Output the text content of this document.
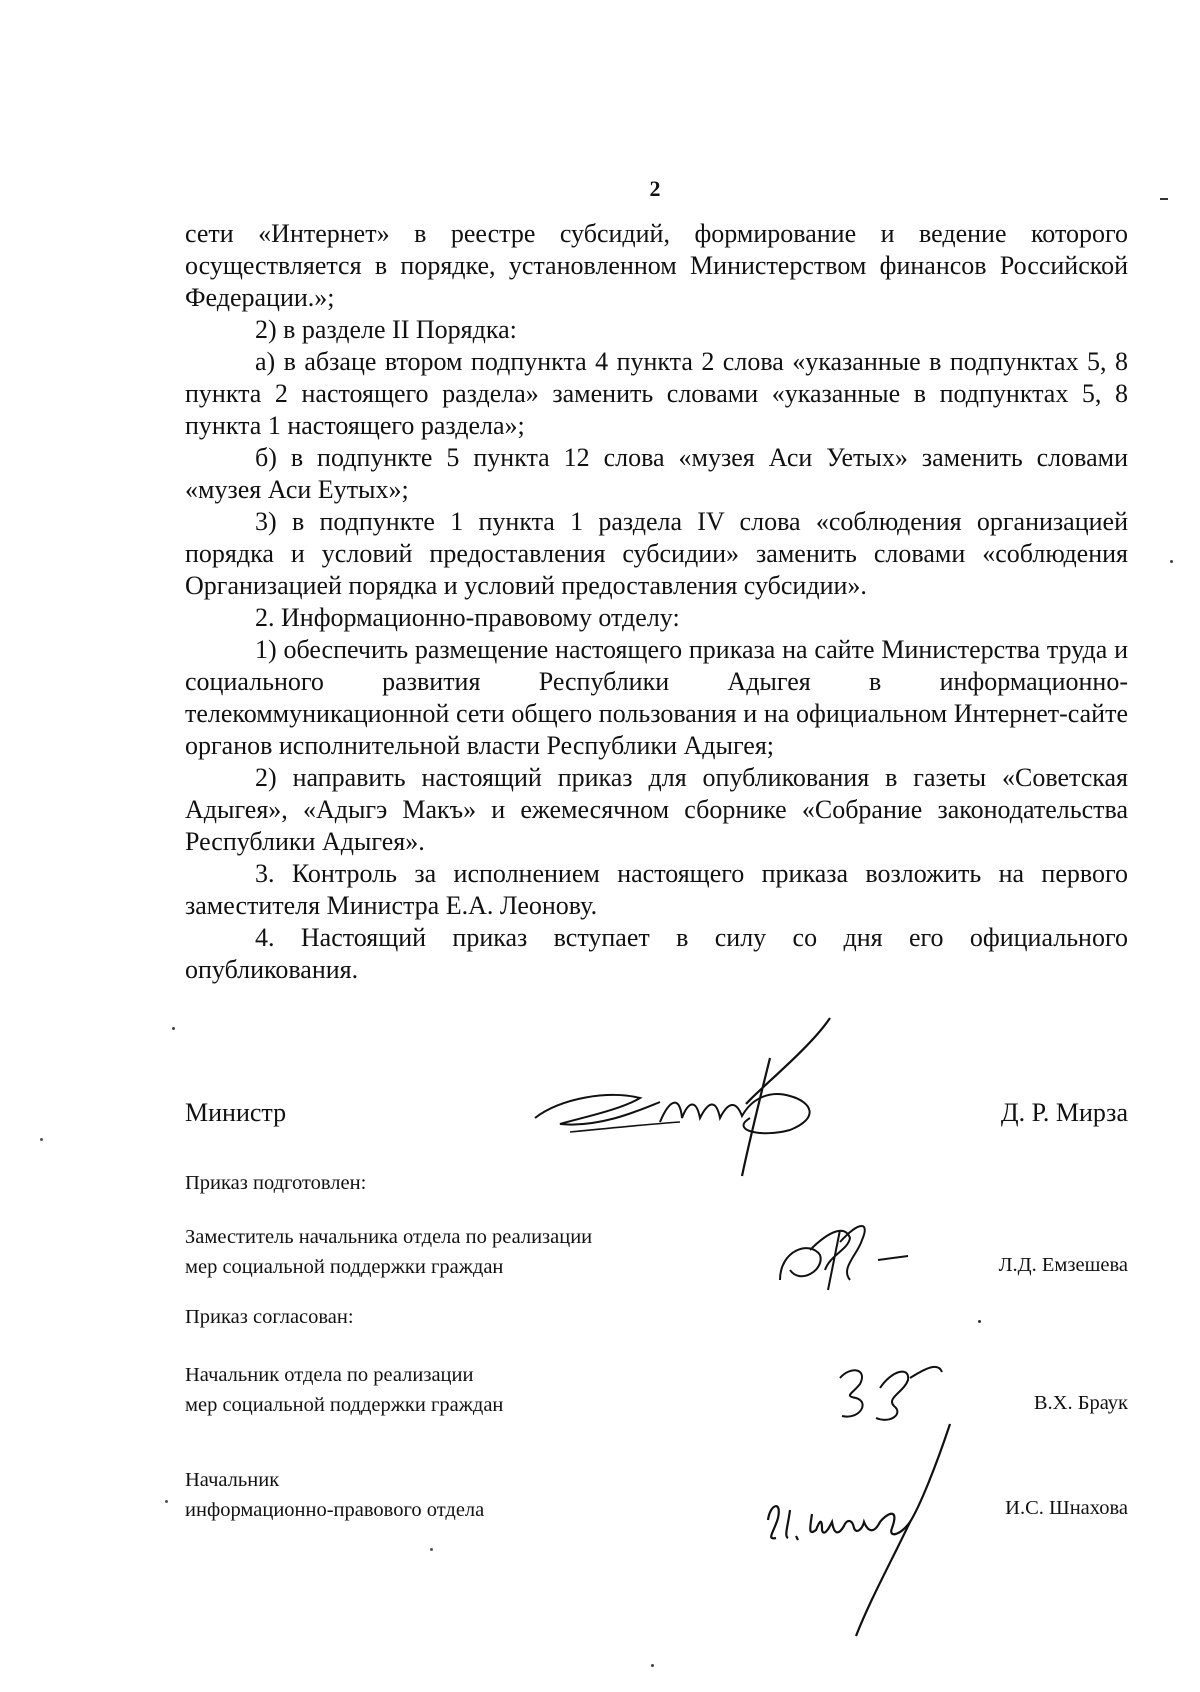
2

сети «Интернет» в реестре субсидий, формирование и ведение которого осуществляется в порядке, установленном Министерством финансов Российской Федерации.»;

2) в разделе II Порядка:

а) в абзаце втором подпункта 4 пункта 2 слова «указанные в подпунктах 5, 8 пункта 2 настоящего раздела» заменить словами «указанные в подпунктах 5, 8 пункта 1 настоящего раздела»;

б) в подпункте 5 пункта 12 слова «музея Аси Уетых» заменить словами «музея Аси Еутых»;

3) в подпункте 1 пункта 1 раздела IV слова «соблюдения организацией порядка и условий предоставления субсидии» заменить словами «соблюдения Организацией порядка и условий предоставления субсидии».

2. Информационно-правовому отделу:

1) обеспечить размещение настоящего приказа на сайте Министерства труда и социального развития Республики Адыгея в информационно-телекоммуникационной сети общего пользования и на официальном Интернет-сайте органов исполнительной власти Республики Адыгея;

2) направить настоящий приказ для опубликования в газеты «Советская Адыгея», «Адыгэ Макъ» и ежемесячном сборнике «Собрание законодательства Республики Адыгея».

3. Контроль за исполнением настоящего приказа возложить на первого заместителя Министра Е.А. Леонову.

4. Настоящий приказ вступает в силу со дня его официального опубликования.

Министр	Д. Р. Мирза
Приказ подготовлен:
Заместитель начальника отдела по реализации
мер социальной поддержки граждан	Л.Д. Емзешева
Приказ согласован:
Начальник отдела по реализации
мер социальной поддержки граждан	В.Х. Браук
Начальник
информационно-правового отдела	И.С. Шнахова
